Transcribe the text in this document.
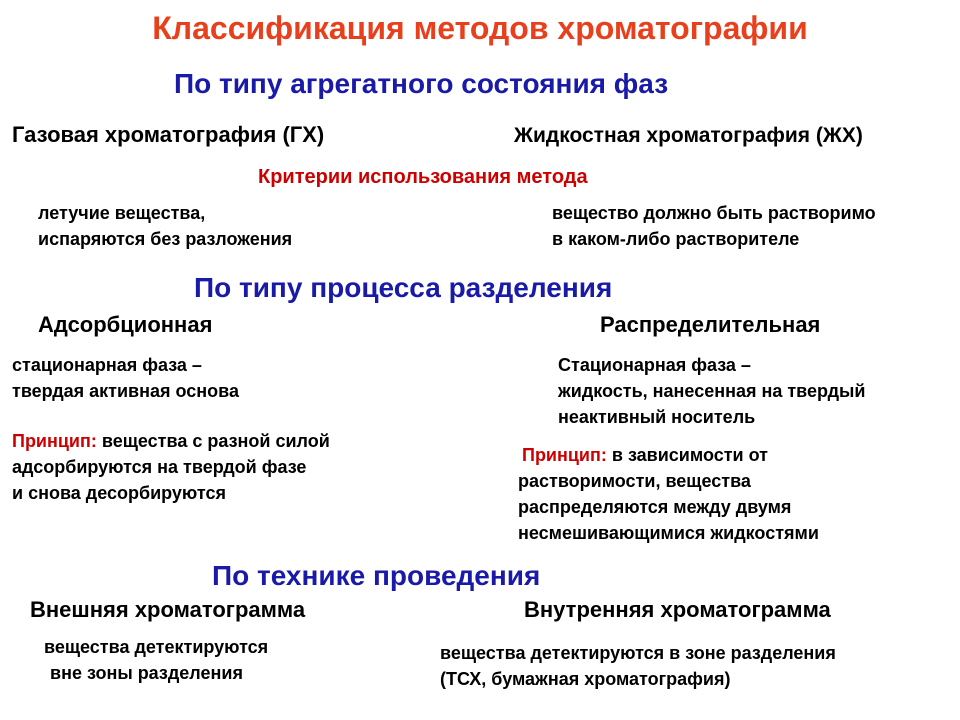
Классификация методов хроматографии
По типу агрегатного состояния фаз
Газовая хроматография (ГХ)	Жидкостная хроматография (ЖХ)
Критерии использования метода
летучие вещества,
испаряются без разложения
вещество должно быть растворимо
в каком-либо растворителе
По типу процесса разделения
Адсорбционная	Распределительная
стационарная фаза –
твердая активная основа
Стационарная фаза –
жидкость, нанесенная на твердый
неактивный носитель
Принцип: вещества с разной силой
адсорбируются на твердой фазе
и снова десорбируются
Принцип: в зависимости от
растворимости, вещества
распределяются между двумя
несмешивающимися жидкостями
По технике проведения
Внешняя хроматограмма	Внутренняя хроматограмма
вещества детектируются
вне зоны разделения
вещества детектируются в зоне разделения
(ТСХ, бумажная хроматография)
